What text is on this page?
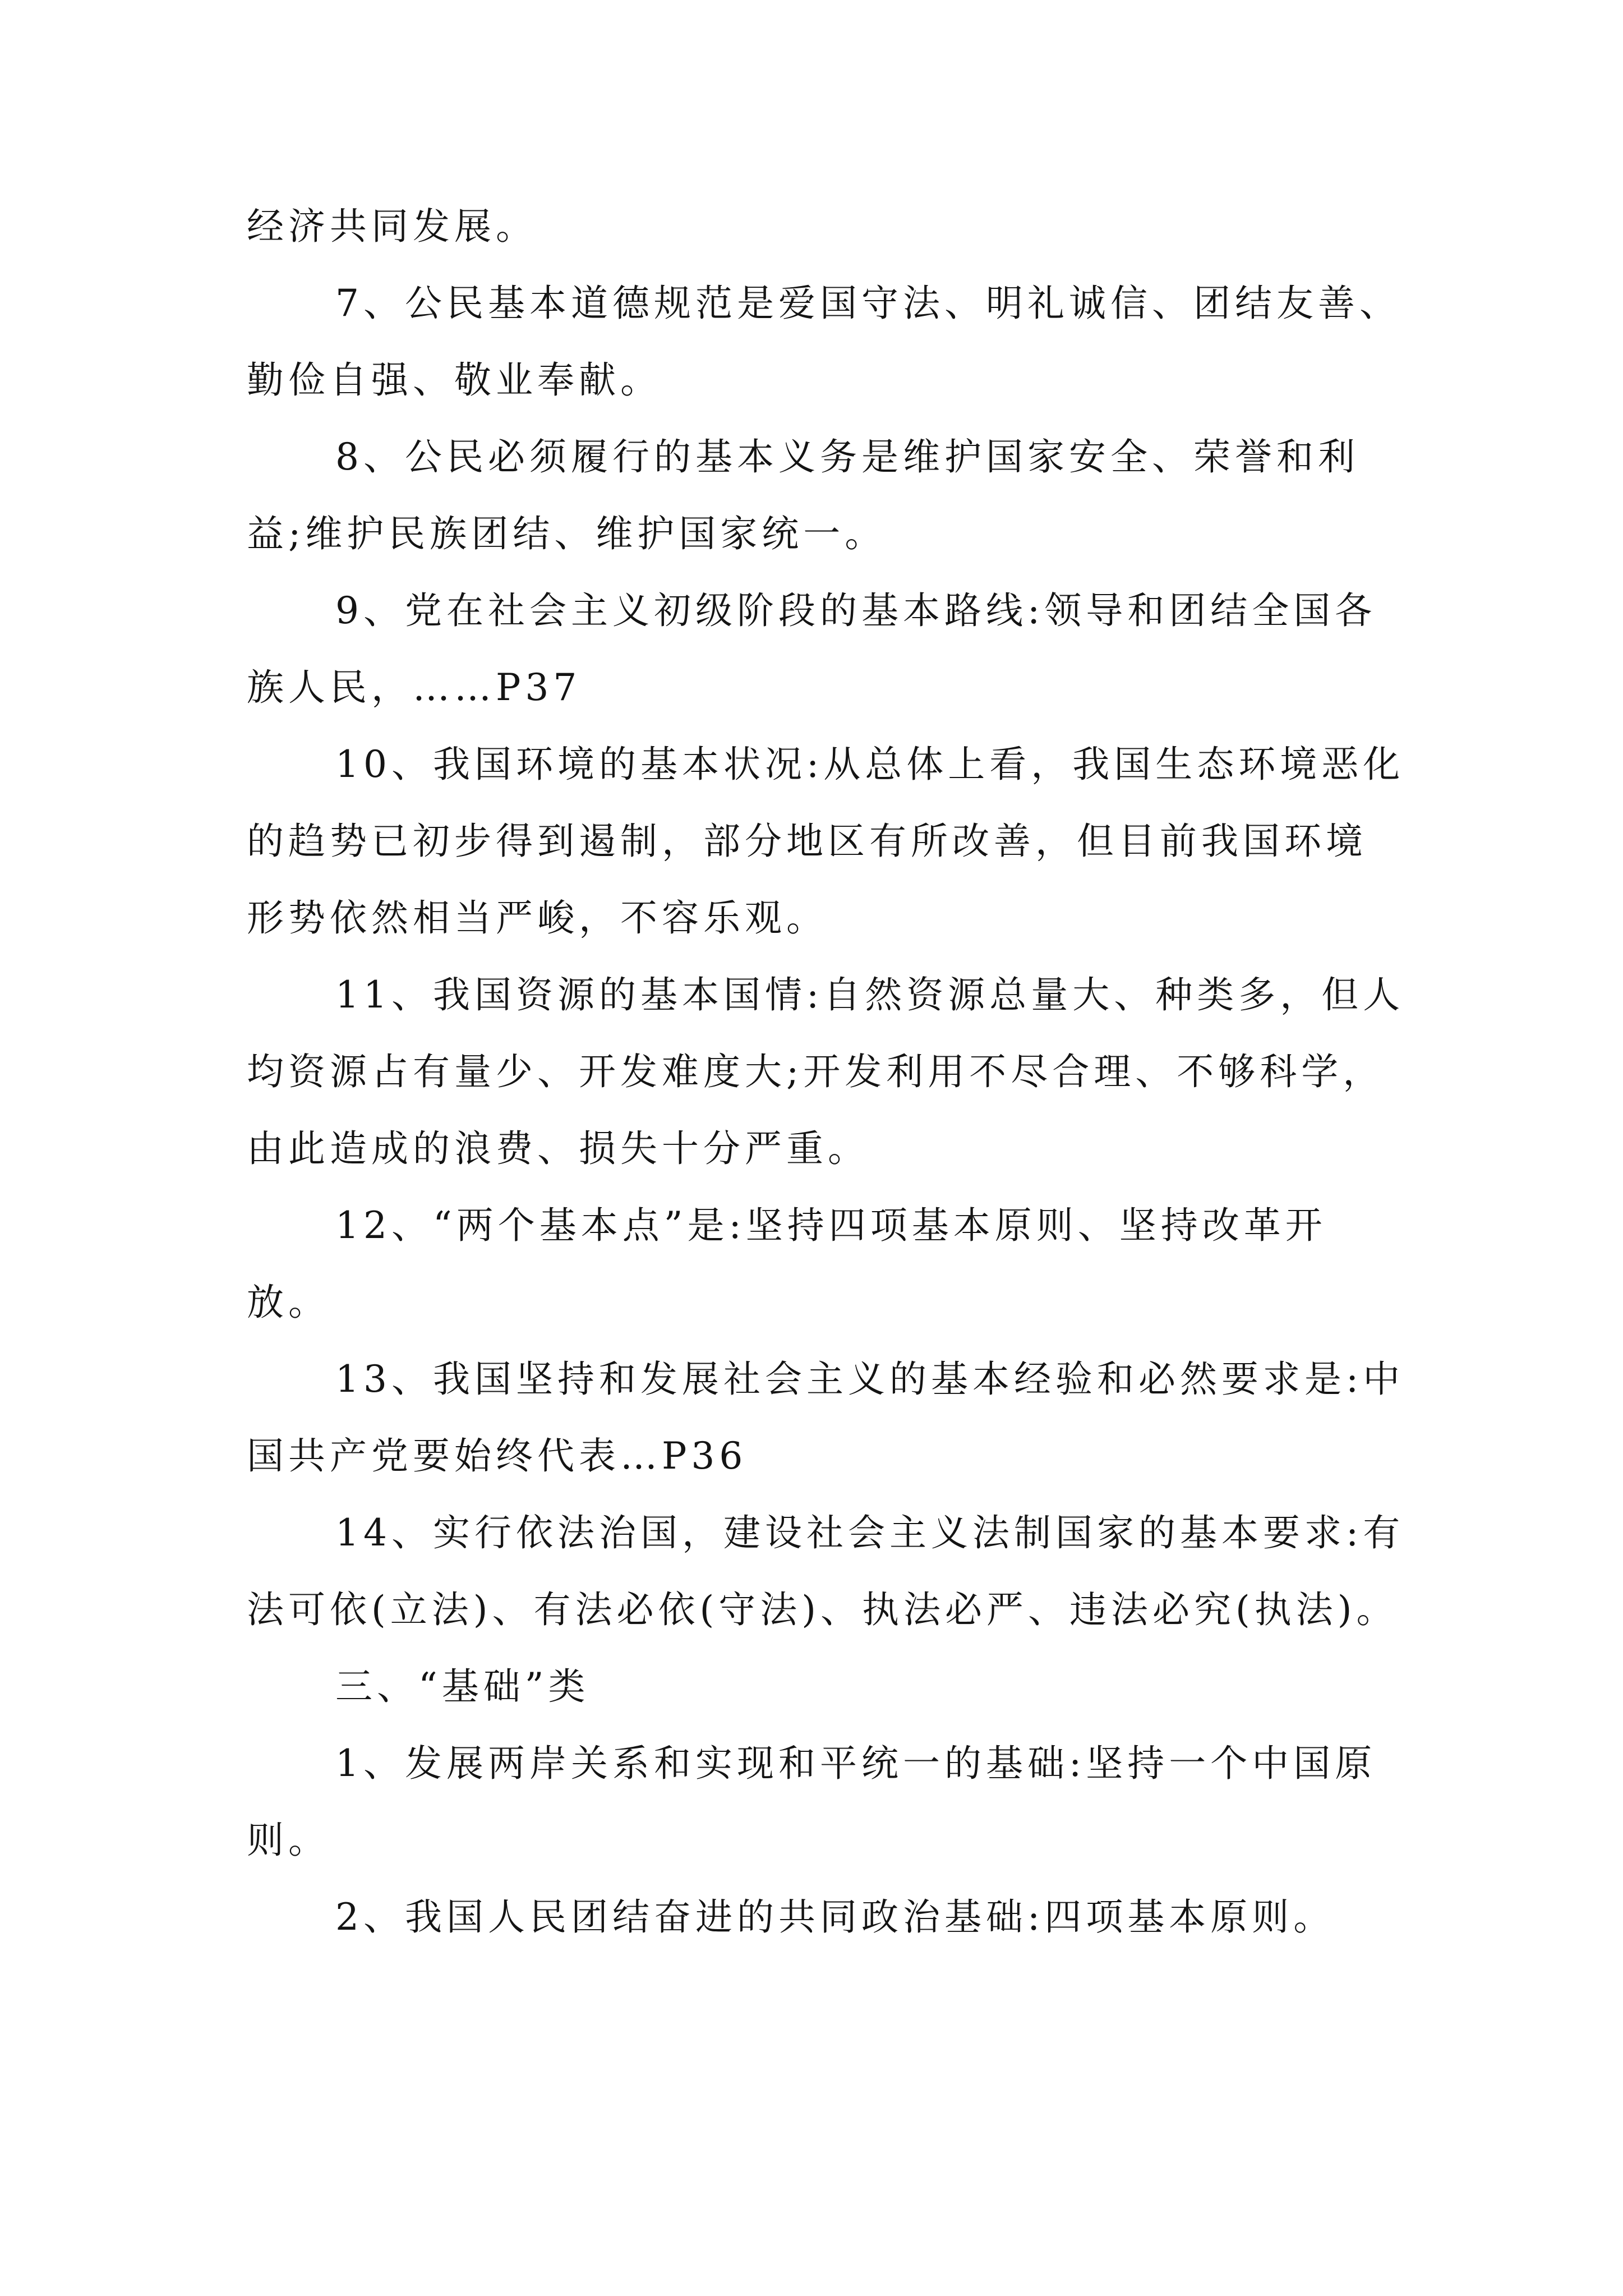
经济共同发展。

7、公民基本道德规范是爱国守法、明礼诚信、团结友善、勤俭自强、敬业奉献。

8、公民必须履行的基本义务是维护国家安全、荣誉和利益;维护民族团结、维护国家统一。

9、党在社会主义初级阶段的基本路线:领导和团结全国各族人民，……P37

10、我国环境的基本状况:从总体上看，我国生态环境恶化的趋势已初步得到遏制，部分地区有所改善，但目前我国环境形势依然相当严峻，不容乐观。

11、我国资源的基本国情:自然资源总量大、种类多，但人均资源占有量少、开发难度大;开发利用不尽合理、不够科学，由此造成的浪费、损失十分严重。

12、“两个基本点”是:坚持四项基本原则、坚持改革开放。

13、我国坚持和发展社会主义的基本经验和必然要求是:中国共产党要始终代表…P36

14、实行依法治国，建设社会主义法制国家的基本要求:有法可依(立法)、有法必依(守法)、执法必严、违法必究(执法)。

三、“基础”类

1、发展两岸关系和实现和平统一的基础:坚持一个中国原则。

2、我国人民团结奋进的共同政治基础:四项基本原则。
